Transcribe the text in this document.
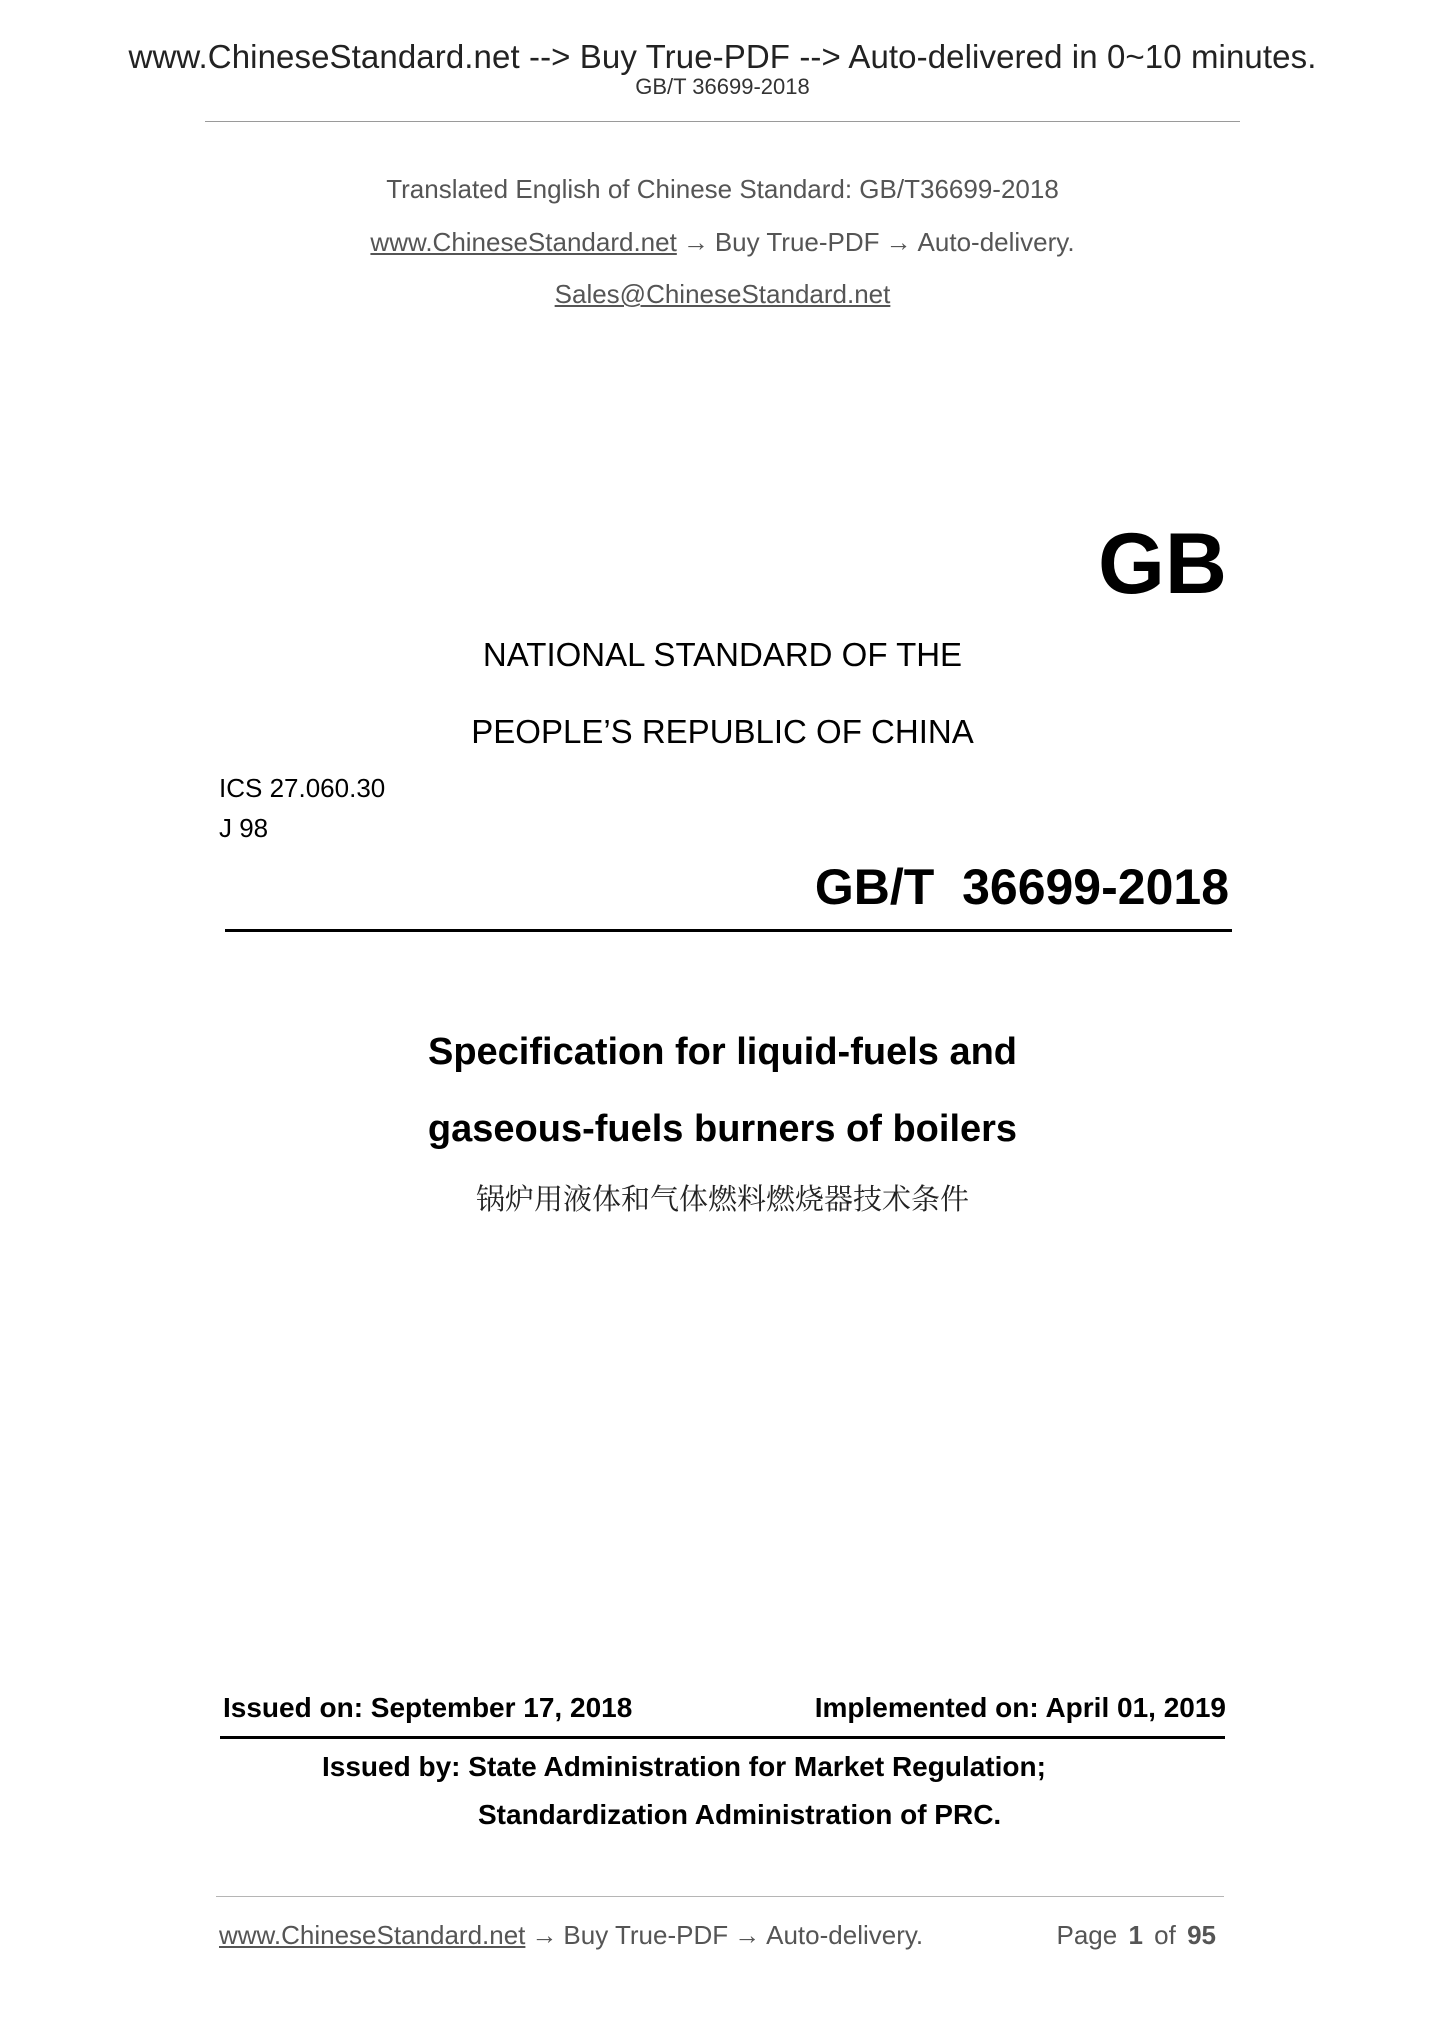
www.ChineseStandard.net --> Buy True-PDF --> Auto-delivered in 0~10 minutes.
GB/T 36699-2018
Translated English of Chinese Standard: GB/T36699-2018
www.ChineseStandard.net → Buy True-PDF → Auto-delivery.
Sales@ChineseStandard.net
GB
NATIONAL STANDARD OF THE
PEOPLE’S REPUBLIC OF CHINA
ICS 27.060.30
J 98
GB/T  36699-2018
Specification for liquid-fuels and
gaseous-fuels burners of boilers
锅炉用液体和气体燃料燃烧器技术条件
Issued on: September 17, 2018	Implemented on: April 01, 2019
Issued by: State Administration for Market Regulation;
Standardization Administration of PRC.
www.ChineseStandard.net → Buy True-PDF → Auto-delivery.	Page 1 of 95
